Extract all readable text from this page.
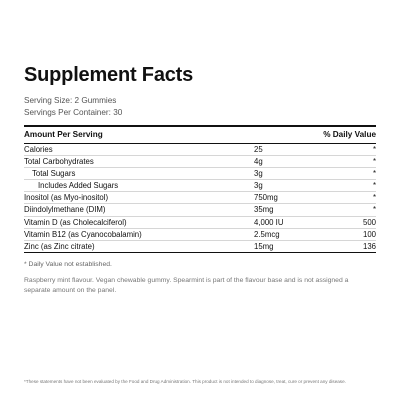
Supplement Facts
Serving Size: 2 Gummies
Servings Per Container: 30
Amount Per Serving	% Daily Value
Calories	25	*
Total Carbohydrates	4g	*
Total Sugars	3g	*
Includes Added Sugars	3g	*
Inositol (as Myo-inositol)	750mg	*
Diindolylmethane (DIM)	35mg	*
Vitamin D (as Cholecalciferol)	4,000 IU	500
Vitamin B12 (as Cyanocobalamin)	2.5mcg	100
Zinc (as Zinc citrate)	15mg	136
* Daily Value not established.
Raspberry mint flavour. Vegan chewable gummy. Spearmint is part of the flavour base and is not assigned a separate amount on the panel.
*These statements have not been evaluated by the Food and Drug Administration. This product is not intended to diagnose, treat, cure or prevent any disease.
